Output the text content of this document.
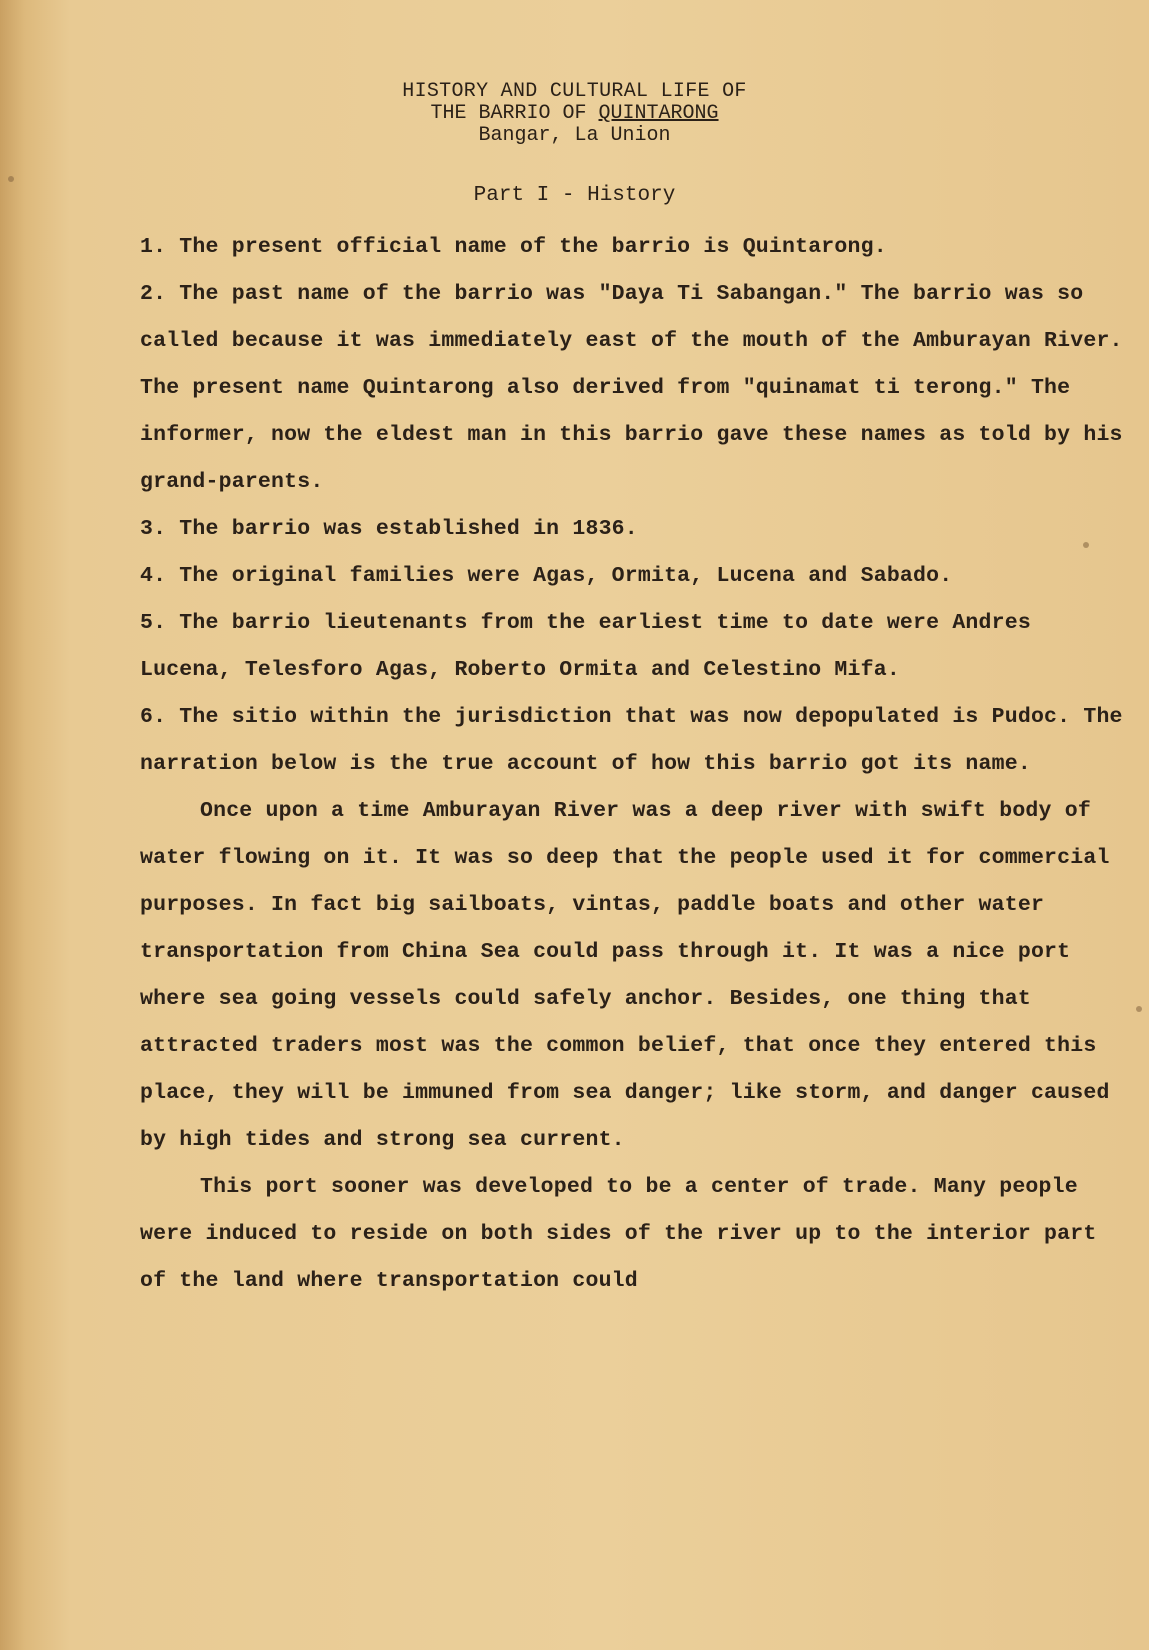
HISTORY AND CULTURAL LIFE OF
THE BARRIO OF QUINTARONG
Bangar, La Union
Part I - History

1. The present official name of the barrio is Quintarong.

2. The past name of the barrio was "Daya Ti Sabangan." The barrio was so called because it was immediately east of the mouth of the Amburayan River. The present name Quintarong also derived from "quinamat ti terong." The informer, now the eldest man in this barrio gave these names as told by his grand-parents.

3. The barrio was established in 1836.

4. The original families were Agas, Ormita, Lucena and Sabado.

5. The barrio lieutenants from the earliest time to date were Andres Lucena, Telesforo Agas, Roberto Ormita and Celestino Mifa.

6. The sitio within the jurisdiction that was now depopulated is Pudoc. The narration below is the true account of how this barrio got its name.

Once upon a time Amburayan River was a deep river with swift body of water flowing on it. It was so deep that the people used it for commercial purposes. In fact big sailboats, vintas, paddle boats and other water transportation from China Sea could pass through it. It was a nice port where sea going vessels could safely anchor. Besides, one thing that attracted traders most was the common belief, that once they entered this place, they will be immuned from sea danger; like storm, and danger caused by high tides and strong sea current.

This port sooner was developed to be a center of trade. Many people were induced to reside on both sides of the river up to the interior part of the land where transportation could
